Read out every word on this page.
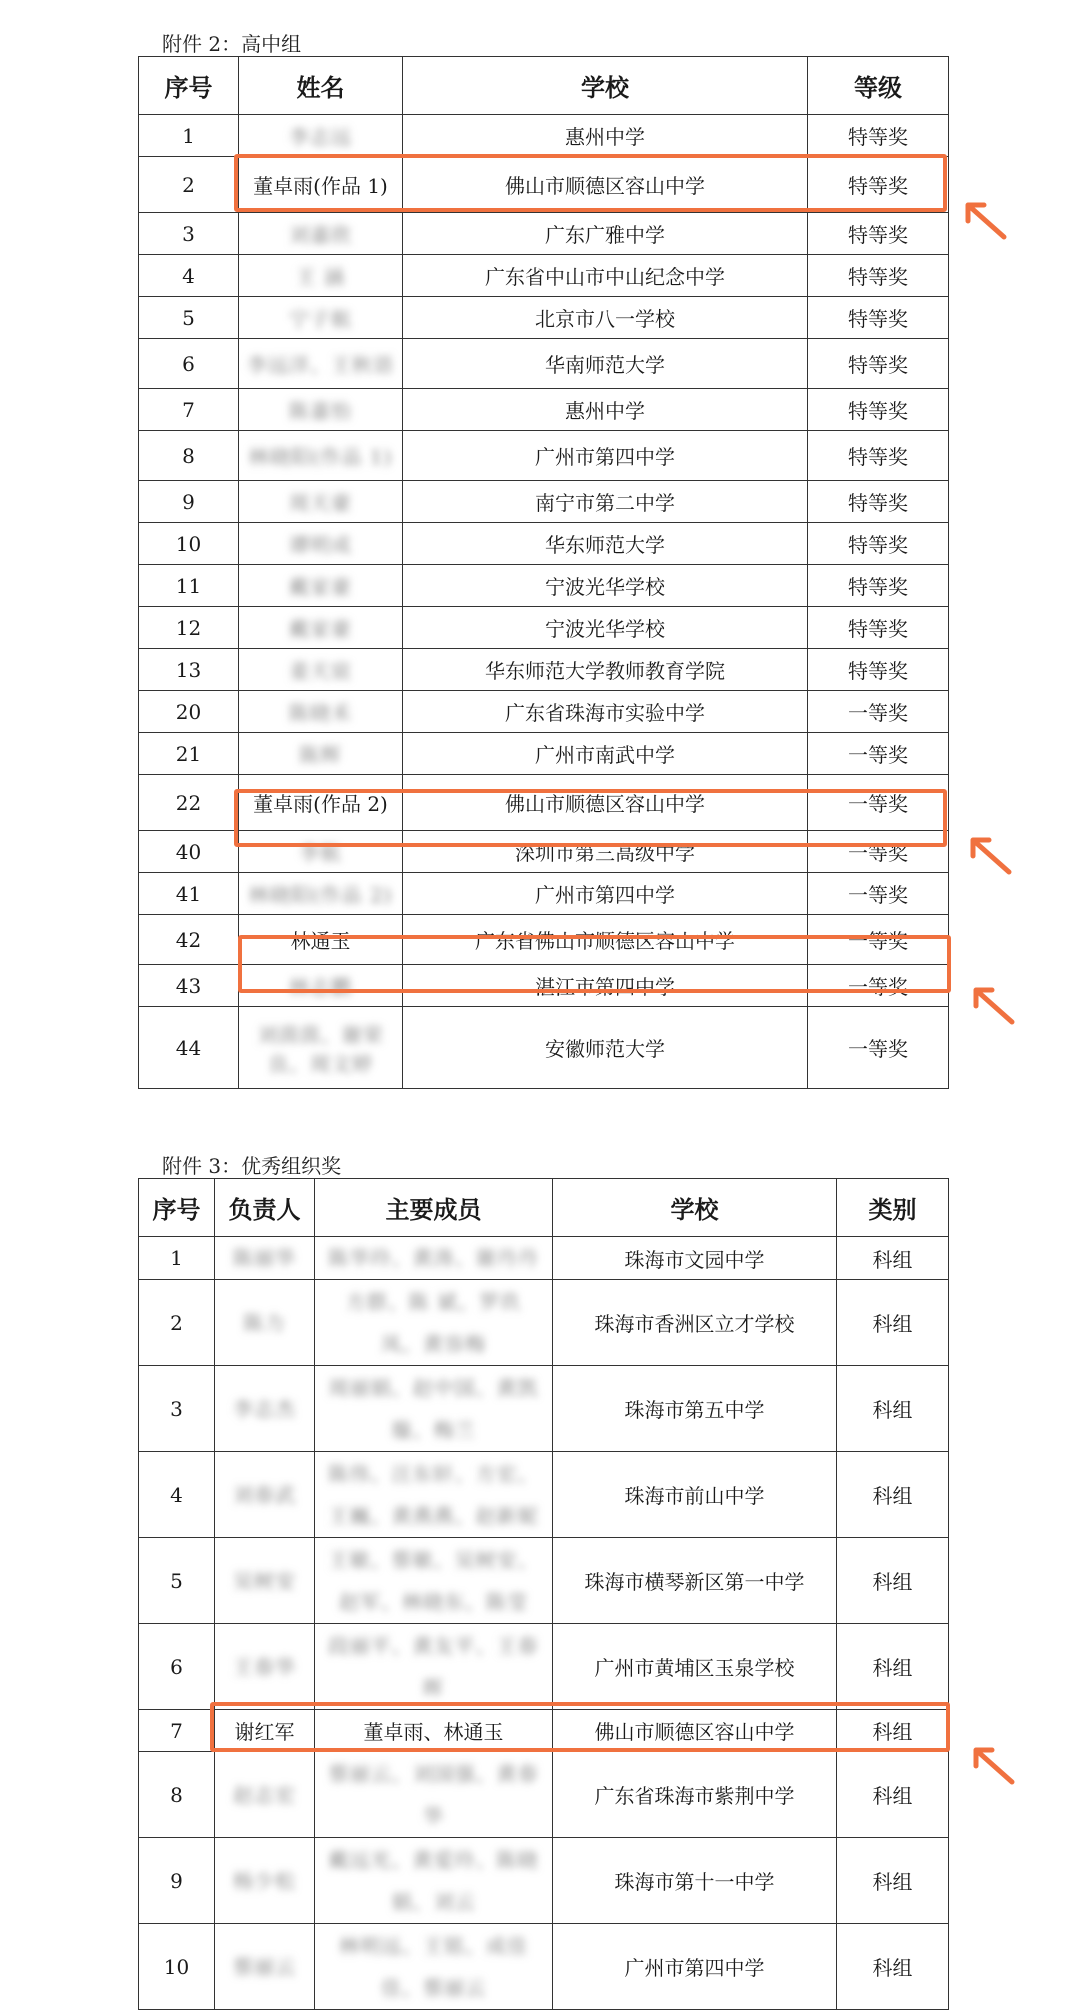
附件 2：高中组
序号	姓名	学校	等级
1	李志远	惠州中学	特等奖
2	董卓雨(作品 1)	佛山市顺德区容山中学	特等奖
3	刘嘉欣	广东广雅中学	特等奖
4	王 涵	广东省中山市中山纪念中学	特等奖
5	宁子航	北京市八一学校	特等奖
6	李远洋、王秋语	华南师范大学	特等奖
7	陈嘉怡	惠州中学	特等奖
8	林晓阳(作品 1)	广州市第四中学	特等奖
9	周天豪	南宁市第二中学	特等奖
10	谭明成	华东师范大学	特等奖
11	戴家豪	宁波光华学校	特等奖
12	戴家豪	宁波光华学校	特等奖
13	姜天宸	华东师范大学教师教育学院	特等奖
20	陈晓禾	广东省珠海市实验中学	一等奖
21	陈辉	广州市南武中学	一等奖
22	董卓雨(作品 2)	佛山市顺德区容山中学	一等奖
40	李航	深圳市第三高级中学	一等奖
41	林晓阳(作品 2)	广州市第四中学	一等奖
42	林通玉	广东省佛山市顺德区容山中学	一等奖
43	林志鹏	湛江市第四中学	一等奖
44	刘茵茵、谢荣良、周文婷	安徽师范大学	一等奖
附件 3：优秀组织奖
序号	负责人	主要成员	学校	类别
1	陈丽华	陈华玲、黄涛、谢丹丹	珠海市文园中学	科组
2	陈力	方群、陈 斌、罗玖凤、黄容梅	珠海市香洲区立才学校	科组
3	李志杰	周丽娟、赵中国、黄凯璇、梅兰	珠海市第五中学	科组
4	刘春武	陈伟、汪东轩、方宏、王巍、黄燕燕、赵新妮	珠海市前山中学	科组
5	吴树安	王敏、蔡敏、吴树安、赵军、林晓东、陈莹	珠海市横琴新区第一中学	科组
6	王春华	段丽平、黄友平、王春晖	广州市黄埔区玉泉学校	科组
7	谢红军	董卓雨、林通玉	佛山市顺德区容山中学	科组
8	赵志宏	蔡丽云、刘国强、黄春华	广东省珠海市紫荆中学	科组
9	杨少松	戴远光、黄爱玲、陈晓娟、刘云	珠海市第十一中学	科组
10	蔡丽云	林明远、王铭、成佳佳、蔡丽云	广州市第四中学	科组
